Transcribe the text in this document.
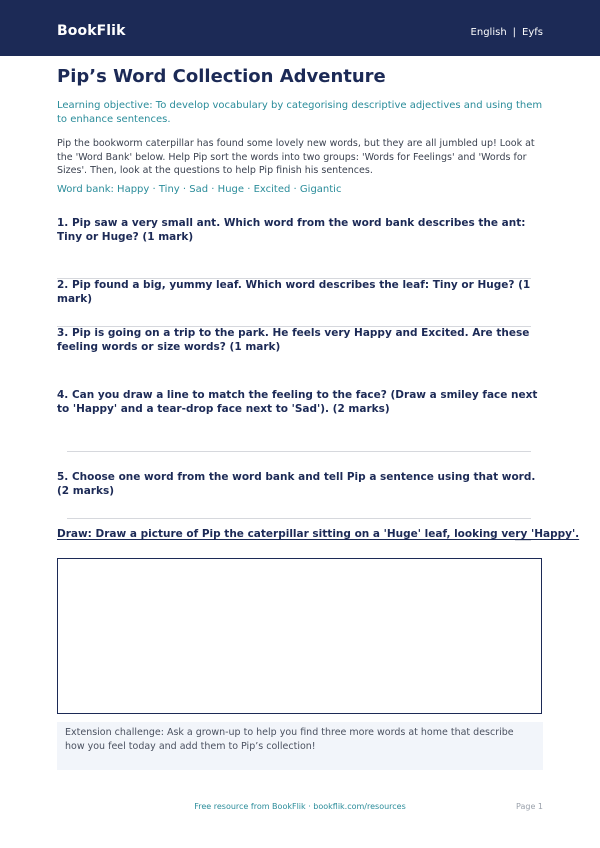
BookFlik	English | Eyfs
Pip’s Word Collection Adventure

Learning objective: To develop vocabulary by categorising descriptive adjectives and using them to enhance sentences.

Pip the bookworm caterpillar has found some lovely new words, but they are all jumbled up! Look at the 'Word Bank' below. Help Pip sort the words into two groups: 'Words for Feelings' and 'Words for Sizes'. Then, look at the questions to help Pip finish his sentences.

Word bank: Happy · Tiny · Sad · Huge · Excited · Gigantic

1. Pip saw a very small ant. Which word from the word bank describes the ant: Tiny or Huge? (1 mark)

2. Pip found a big, yummy leaf. Which word describes the leaf: Tiny or Huge? (1 mark)

3. Pip is going on a trip to the park. He feels very Happy and Excited. Are these feeling words or size words? (1 mark)

4. Can you draw a line to match the feeling to the face? (Draw a smiley face next to 'Happy' and a tear-drop face next to 'Sad'). (2 marks)

5. Choose one word from the word bank and tell Pip a sentence using that word. (2 marks)

Draw: Draw a picture of Pip the caterpillar sitting on a 'Huge' leaf, looking very 'Happy'.

Extension challenge: Ask a grown-up to help you find three more words at home that describe how you feel today and add them to Pip’s collection!
Free resource from BookFlik · bookflik.com/resources	Page 1
